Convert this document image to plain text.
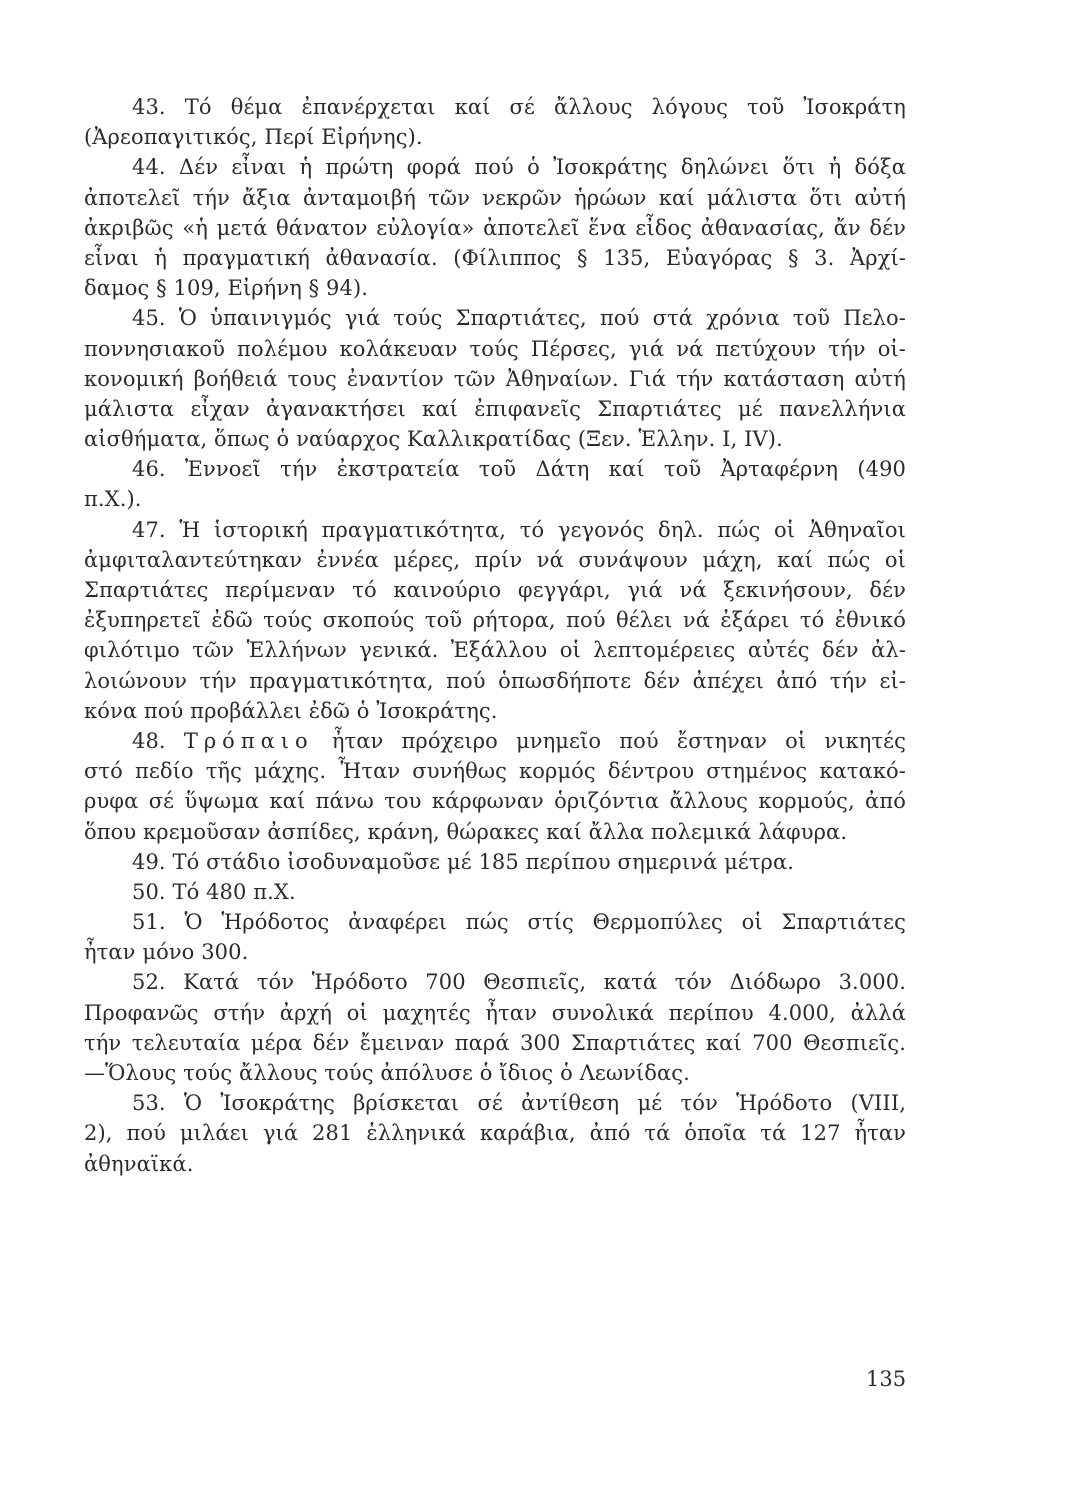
43. Τό θέμα ἐπανέρχεται καί σέ ἄλλους λόγους τοῦ Ἰσοκράτη
(Ἀρεοπαγιτικός, Περί Εἰρήνης).
44. Δέν εἶναι ἡ πρώτη φορά πού ὁ Ἰσοκράτης δηλώνει ὅτι ἡ δόξα
ἀποτελεῖ τήν ἄξια ἀνταμοιβή τῶν νεκρῶν ἡρώων καί μάλιστα ὅτι αὐτή
ἀκριβῶς «ἡ μετά θάνατον εὐλογία» ἀποτελεῖ ἕνα εἶδος ἀθανασίας, ἄν δέν
εἶναι ἡ πραγματική ἀθανασία. (Φίλιππος § 135, Εὐαγόρας § 3. Ἀρχί-
δαμος § 109, Εἰρήνη § 94).
45. Ὁ ὑπαινιγμός γιά τούς Σπαρτιάτες, πού στά χρόνια τοῦ Πελο-
ποννησιακοῦ πολέμου κολάκευαν τούς Πέρσες, γιά νά πετύχουν τήν οἰ-
κονομική βοήθειά τους ἐναντίον τῶν Ἀθηναίων. Γιά τήν κατάσταση αὐτή
μάλιστα εἶχαν ἀγανακτήσει καί ἐπιφανεῖς Σπαρτιάτες μέ πανελλήνια
αἰσθήματα, ὅπως ὁ ναύαρχος Καλλικρατίδας (Ξεν. Ἑλλην. I, IV).
46. Ἐννοεῖ τήν ἐκστρατεία τοῦ Δάτη καί τοῦ Ἀρταφέρνη (490
π.Χ.).
47. Ἡ ἱστορική πραγματικότητα, τό γεγονός δηλ. πώς οἱ Ἀθηναῖοι
ἀμφιταλαντεύτηκαν ἐννέα μέρες, πρίν νά συνάψουν μάχη, καί πώς οἱ
Σπαρτιάτες περίμεναν τό καινούριο φεγγάρι, γιά νά ξεκινήσουν, δέν
ἐξυπηρετεῖ ἐδῶ τούς σκοπούς τοῦ ρήτορα, πού θέλει νά ἐξάρει τό ἐθνικό
φιλότιμο τῶν Ἑλλήνων γενικά. Ἐξάλλου οἱ λεπτομέρειες αὐτές δέν ἀλ-
λοιώνουν τήν πραγματικότητα, πού ὁπωσδήποτε δέν ἀπέχει ἀπό τήν εἰ-
κόνα πού προβάλλει ἐδῶ ὁ Ἰσοκράτης.
48. Τρόπαιο ἦταν πρόχειρο μνημεῖο πού ἔστηναν οἱ νικητές
στό πεδίο τῆς μάχης. Ἦταν συνήθως κορμός δέντρου στημένος κατακό-
ρυφα σέ ὕψωμα καί πάνω του κάρφωναν ὁριζόντια ἄλλους κορμούς, ἀπό
ὅπου κρεμοῦσαν ἀσπίδες, κράνη, θώρακες καί ἄλλα πολεμικά λάφυρα.
49. Τό στάδιο ἰσοδυναμοῦσε μέ 185 περίπου σημερινά μέτρα.
50. Τό 480 π.Χ.
51. Ὁ Ἡρόδοτος ἀναφέρει πώς στίς Θερμοπύλες οἱ Σπαρτιάτες
ἦταν μόνο 300.
52. Κατά τόν Ἡρόδοτο 700 Θεσπιεῖς, κατά τόν Διόδωρο 3.000.
Προφανῶς στήν ἀρχή οἱ μαχητές ἦταν συνολικά περίπου 4.000, ἀλλά
τήν τελευταία μέρα δέν ἔμειναν παρά 300 Σπαρτιάτες καί 700 Θεσπιεῖς.
—Ὅλους τούς ἄλλους τούς ἀπόλυσε ὁ ἴδιος ὁ Λεωνίδας.
53. Ὁ Ἰσοκράτης βρίσκεται σέ ἀντίθεση μέ τόν Ἡρόδοτο (VIII,
2), πού μιλάει γιά 281 ἑλληνικά καράβια, ἀπό τά ὁποῖα τά 127 ἦταν
ἀθηναϊκά.
135
